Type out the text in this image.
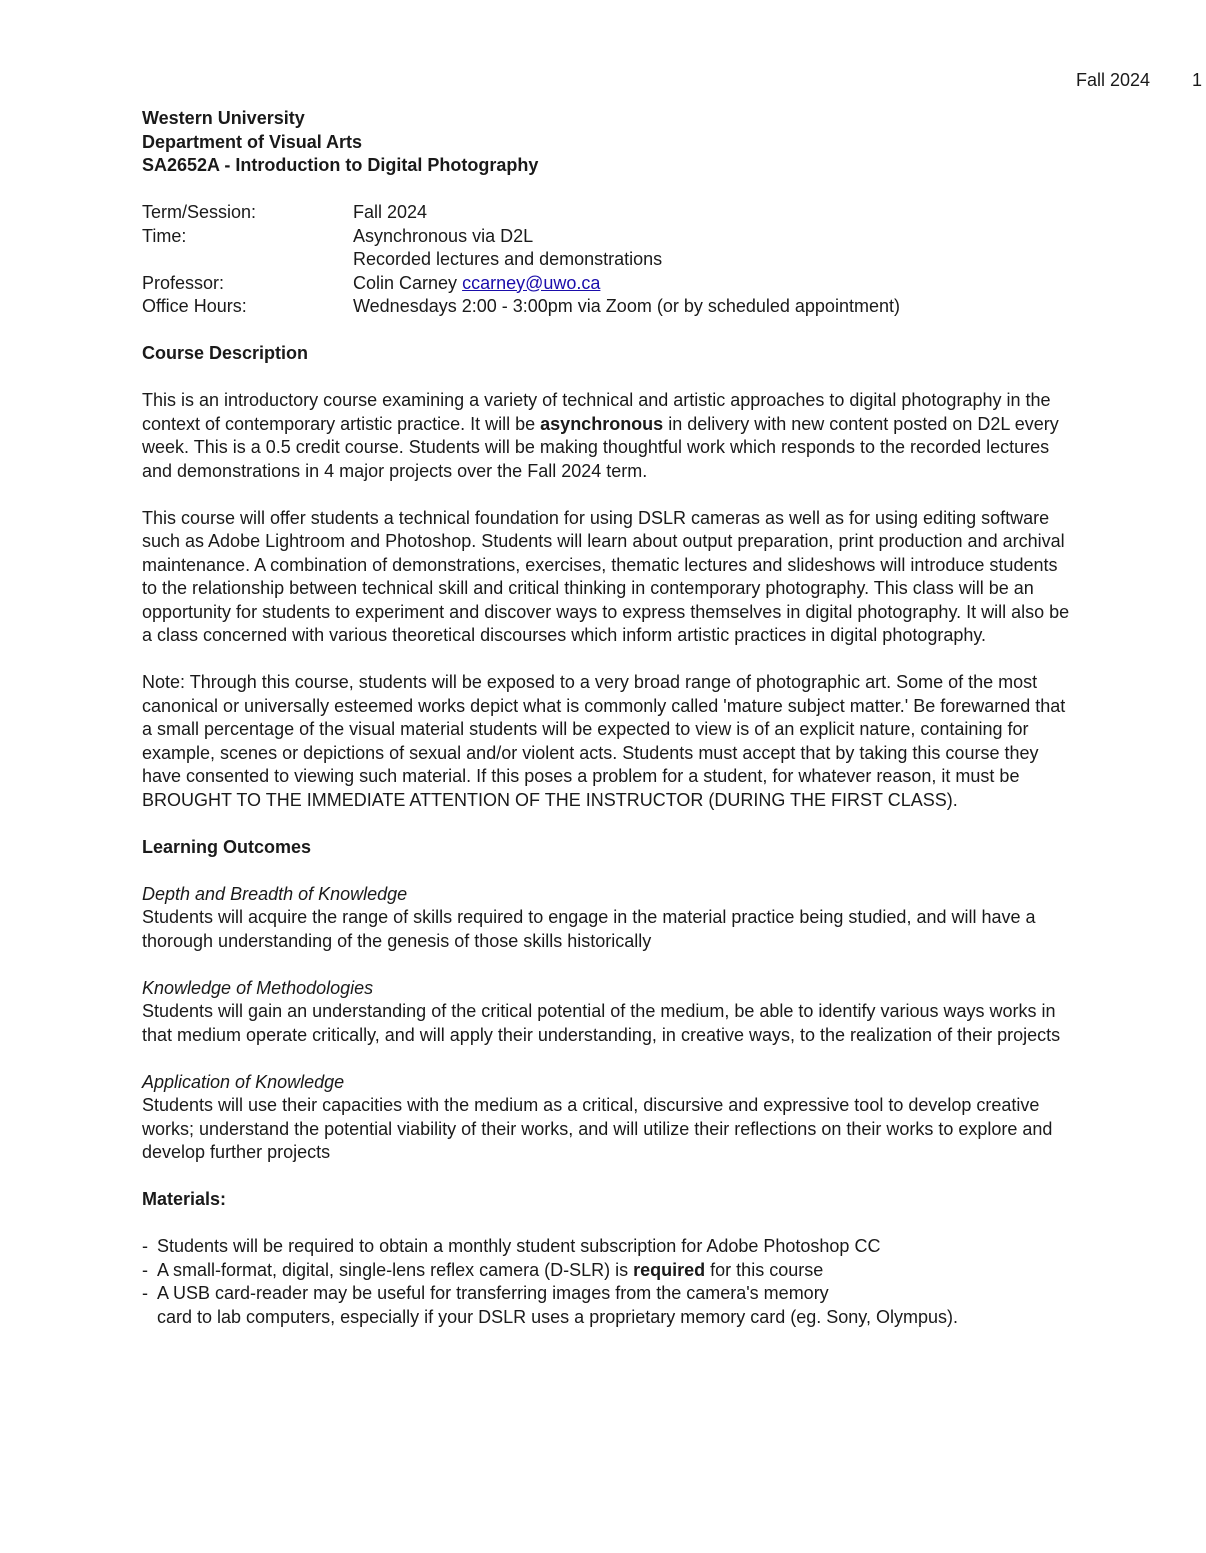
Fall 2024 1
Western University
Department of Visual Arts
SA2652A - Introduction to Digital Photography
Term/Session:	Fall 2024
Time:	Asynchronous via D2L
Recorded lectures and demonstrations
Professor:	Colin Carney ccarney@uwo.ca
Office Hours:	Wednesdays 2:00 - 3:00pm via Zoom (or by scheduled appointment)

Course Description

This is an introductory course examining a variety of technical and artistic approaches to digital photography in the context of contemporary artistic practice. It will be asynchronous in delivery with new content posted on D2L every week. This is a 0.5 credit course. Students will be making thoughtful work which responds to the recorded lectures and demonstrations in 4 major projects over the Fall 2024 term.

This course will offer students a technical foundation for using DSLR cameras as well as for using editing software such as Adobe Lightroom and Photoshop. Students will learn about output preparation, print production and archival maintenance. A combination of demonstrations, exercises, thematic lectures and slideshows will introduce students to the relationship between technical skill and critical thinking in contemporary photography. This class will be an opportunity for students to experiment and discover ways to express themselves in digital photography. It will also be a class concerned with various theoretical discourses which inform artistic practices in digital photography.

Note: Through this course, students will be exposed to a very broad range of photographic art. Some of the most canonical or universally esteemed works depict what is commonly called 'mature subject matter.' Be forewarned that a small percentage of the visual material students will be expected to view is of an explicit nature, containing for example, scenes or depictions of sexual and/or violent acts. Students must accept that by taking this course they have consented to viewing such material. If this poses a problem for a student, for whatever reason, it must be BROUGHT TO THE IMMEDIATE ATTENTION OF THE INSTRUCTOR (DURING THE FIRST CLASS).

Learning Outcomes

Depth and Breadth of Knowledge

Students will acquire the range of skills required to engage in the material practice being studied, and will have a thorough understanding of the genesis of those skills historically

Knowledge of Methodologies

Students will gain an understanding of the critical potential of the medium, be able to identify various ways works in that medium operate critically, and will apply their understanding, in creative ways, to the realization of their projects

Application of Knowledge

Students will use their capacities with the medium as a critical, discursive and expressive tool to develop creative works; understand the potential viability of their works, and will utilize their reflections on their works to explore and develop further projects

Materials:

- Students will be required to obtain a monthly student subscription for Adobe Photoshop CC
- A small-format, digital, single-lens reflex camera (D-SLR) is required for this course
- A USB card-reader may be useful for transferring images from the camera's memory
card to lab computers, especially if your DSLR uses a proprietary memory card (eg. Sony, Olympus).
